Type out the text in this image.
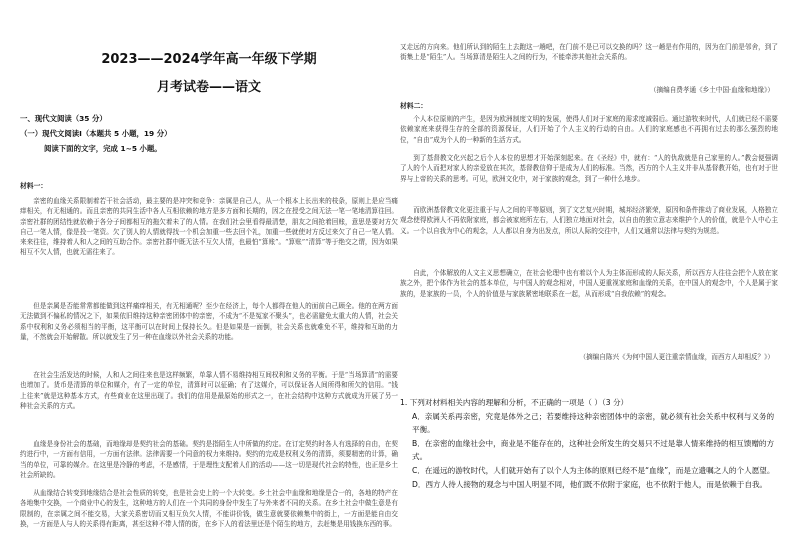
2023——2024学年高一年级下学期
月考试卷——语文
一、现代文阅读（35 分）
（一）现代文阅读Ⅰ（本题共 5 小题，19 分）
阅读下面的文字，完成 1~5 小题。
材料一：

亲密的血缘关系限制着若干社会活动，最主要的是冲突和竞争：亲属是自己人，从一个根本上长出来的枝条，原则上是应当痛痒相关，有无相通的。而且亲密的共同生活中各人互相依赖的地方是多方面和长期的，因之在授受之间无法一笔一笔地清算往回。亲密社群的团结性就依赖于各分子间都相互的拖欠着未了的人情。在我们社会里看得最清楚，朋友之间抢着回账，意思是要对方欠自己一笔人情，像是投一笔资。欠了别人的人情就得找一个机会加重一些去回个礼，加重一些就使对方反过来欠了自己一笔人情。来来往往，维持着人和人之间的互助合作。亲密社群中既无法不互欠人情，也最怕“算账”。“算账”“清算”等于绝交之谓，因为如果相互不欠人情，也就无需往来了。

但是亲属是否能常常都能做到这样痛痒相关，有无相通呢？至少在经济上，每个人都得在他人的面前自己顾全。他的在两方面无法做到不偏私的情况之下，如果依旧维持这种亲密团体中的亲密，不成为“不是冤家不聚头”，也必需避免太重大的人情，社会关系中权利和义务必须相当的平衡，这平衡可以在时间上保持长久。但是如果是一面倒，社会关系也就难免不平，维持和互助的力量，不然就会开始解散。所以就发生了另一种在血缘以外社会关系的功能。

在社会生活发达的时候，人和人之间往来也是这样频繁，单靠人情不易维持相互间权利和义务的平衡。于是“当场算清”的需要也增加了。货币是清算的单位和媒介，有了一定的单位，清算时可以征确；有了这媒介，可以保证各人间所得和所欠的信用。“钱上往来”就是这种基本方式，有些商业在这里出现了。我们的信用是最原始的形式之一，在社会结构中这种方式就成为开展了另一种社会关系的方式。

血缘是身份社会的基础，而地缘却是契约社会的基础。契约是指陌生人中所做的约定。在订定契约时各人有选择的自由，在契约进行中，一方面有信用，一方面有法律。法律需要一个同意的权力来维持。契约的完成是权利义务的清算，须要精密的计算，确当的单位，可靠的媒介。在这里是冷静的考虑，不是感情，于是理性支配着人们的活动——这一切是现代社会的特性，也正是乡土社会所缺的。

从血缘结合转变到地缘结合是社会性质的转变，也是社会史上的一个大转变。乡土社会中血缘和地缘是合一的，各地的特产在各地集中交换，一个商业中心的发生，这种地方的人们在一个共同的身份中发生了与外来者不同的关系。在乡土社会中做生意是有限制的，在亲属之间不能交易，大家关系密切而又相互负欠人情，不能讲价钱，做生意就要依赖集中的街上，一方面是能自由交换，一方面是人与人的关系得有距离，甚至这种不带人情的街，在乡下人的看法里还是个陌生的地方，去赶集是用钱换东西的事。

又走远的方向来。他们所认到的陌生上去跑这一趟吧，在门前不是已可以交换的吗？这一趟是有作用的，因为在门前是邻舍，到了街集上是“陌生”人。当场算清是陌生人之间的行为，不能牵涉其他社会关系的。

（摘编自费孝通《乡土中国·血缘和地缘》）
材料二：

个人本位原则的产生，是因为欧洲制度文明的发展，使得人们对于家庭的需求度减弱后。通过游牧来时代，人们就已经不需要依赖家庭来获得生存的全部的资源保证，人们开始了个人主义的行动的自由。人们的家庭感也不再拥有过去的那么强烈的地位，“自由”成为个人的一种新的生活方式。

到了基督教文化兴起之后个人本位的思想才开始深刻起来。在《圣经》中，就有：“人的仇敌就是自己家里的人。”教会便强调了人的个人而把对家人的亲爱放在其次，基督教信仰于是成为人们的标准。当然，西方的个人主义并非从基督教开始，也有对于世界与上帝的关系的思考。可见，欧洲文化中，对于家族的观念，到了一种什么地步。

而欧洲基督教文化更注重于与人之间的平等原则，到了文艺复兴时期，城邦经济繁荣，原因和条件推动了商业发展，人格独立观念使得欧洲人不再依附家庭，都会被家庭所左右，人们独立地面对社会，以自由的独立意志来维护个人的价值，就是个人中心主义。一个以自我为中心的观念，人人都以自身为出发点，所以人际的交往中，人们又通常以法律与契约为规范。

自此，个体解放的人文主义思想确立，在社会伦理中也有着以个人为主体而形成的人际关系，所以西方人往往会把个人放在家族之外，把个体作为社会的基本单位，与中国人的观念相对，中国人更重视家庭和血缘的关系，在中国人的观念中，个人是属于家族的，是家族的一员，个人的价值是与家族紧密地联系在一起，从而形成“自我依赖”的观念。

（摘编自陈兴《为何中国人更注重亲情血缘，而西方人却相反？》）
1. 下列对材料相关内容的理解和分析，不正确的一项是（ ）（3 分）
A．亲属关系再亲密，究竟是体外之己；若要维持这种亲密团体中的亲密，就必须有社会关系中权利与义务的平衡。
B．在亲密的血缘社会中，商业是不能存在的，这种社会所发生的交易只不过是靠人情来维持的相互馈赠的方式。
C．在遥远的游牧时代，人们就开始有了以个人为主体的原则已经不是“血缘”，而是立遗嘱之人的个人愿望。
D．西方人待人接物的观念与中国人明显不同，他们既不依附于家庭，也不依附于他人，而是依赖于自我。
